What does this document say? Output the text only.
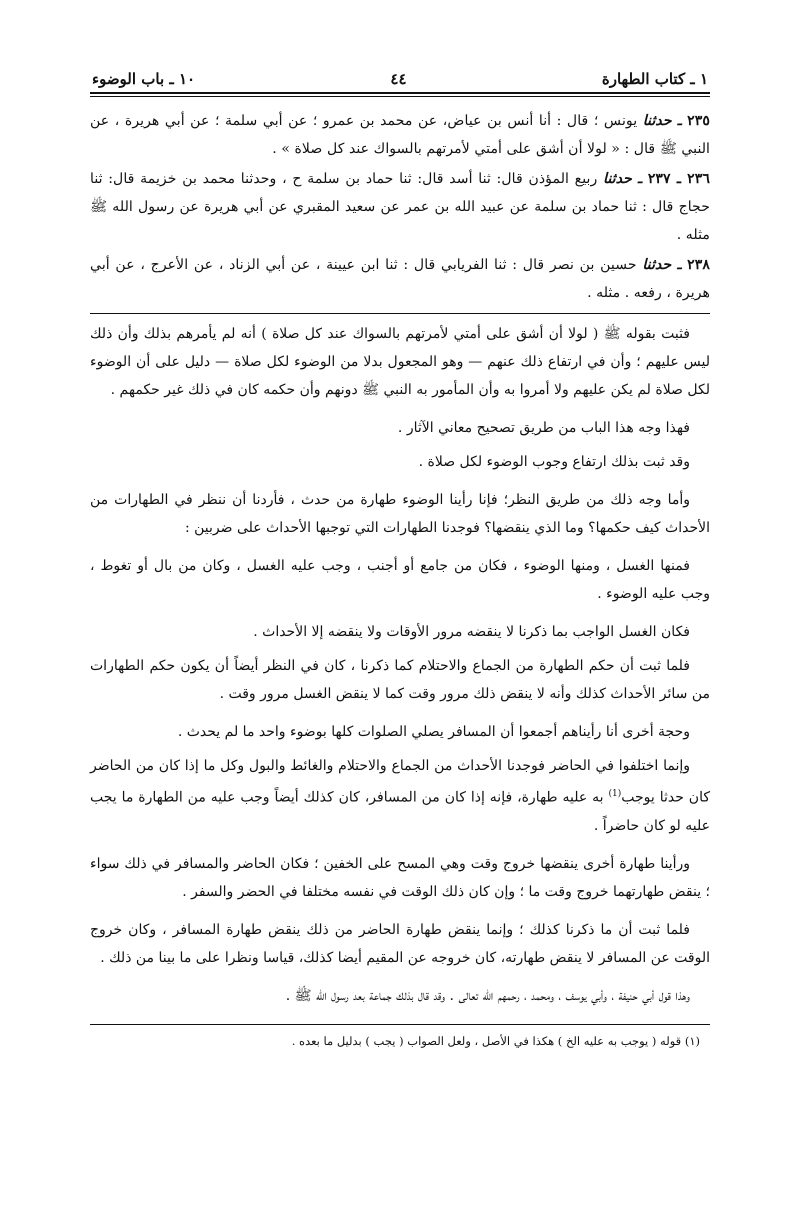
١ ـ كتاب الطهارة
٤٤
١٠ ـ باب الوضوء
٢٣٥ ـ حدثنا يونس ؛ قال : أنا أنس بن عياض، عن محمد بن عمرو ؛ عن أبي سلمة ؛ عن أبي هريرة ، عن النبي ﷺ قال : « لولا أن أشق على أمتي لأمرتهم بالسواك عند كل صلاة » .
٢٣٦ ـ ٢٣٧ ـ حدثنا ربيع المؤذن قال: ثنا أسد قال: ثنا حماد بن سلمة ح ، وحدثنا محمد بن خزيمة قال: ثنا حجاج قال : ثنا حماد بن سلمة عن عبيد الله بن عمر عن سعيد المقبري عن أبي هريرة عن رسول الله ﷺ مثله .
٢٣٨ ـ حدثنا حسين بن نصر قال : ثنا الفريابي قال : ثنا ابن عيينة ، عن أبي الزناد ، عن الأعرج ، عن أبي هريرة ، رفعه . مثله .

فثبت بقوله ﷺ ( لولا أن أشق على أمتي لأمرتهم بالسواك عند كل صلاة ) أنه لم يأمرهم بذلك وأن ذلك ليس عليهم ؛ وأن في ارتفاع ذلك عنهم — وهو المجعول بدلا من الوضوء لكل صلاة — دليل على أن الوضوء لكل صلاة لم يكن عليهم ولا أمروا به وأن المأمور به النبي ﷺ دونهم وأن حكمه كان في ذلك غير حكمهم .

فهذا وجه هذا الباب من طريق تصحيح معاني الآثار .

وقد ثبت بذلك ارتفاع وجوب الوضوء لكل صلاة .

وأما وجه ذلك من طريق النظر؛ فإنا رأينا الوضوء طهارة من حدث ، فأردنا أن ننظر في الطهارات من الأحداث كيف حكمها؟ وما الذي ينقضها؟ فوجدنا الطهارات التي توجبها الأحداث على ضربين :

فمنها الغسل ، ومنها الوضوء ، فكان من جامع أو أجنب ، وجب عليه الغسل ، وكان من بال أو تغوط ، وجب عليه الوضوء .

فكان الغسل الواجب بما ذكرنا لا ينقضه مرور الأوقات ولا ينقضه إلا الأحداث .

فلما ثبت أن حكم الطهارة من الجماع والاحتلام كما ذكرنا ، كان في النظر أيضاً أن يكون حكم الطهارات من سائر الأحداث كذلك وأنه لا ينقض ذلك مرور وقت كما لا ينقض الغسل مرور وقت .

وحجة أخرى أنا رأيناهم أجمعوا أن المسافر يصلي الصلوات كلها بوضوء واحد ما لم يحدث .

وإنما اختلفوا في الحاضر فوجدنا الأحداث من الجماع والاحتلام والغائط والبول وكل ما إذا كان من الحاضر كان حدثا يوجب$^{(1)}$ به عليه طهارة، فإنه إذا كان من المسافر، كان كذلك أيضاً وجب عليه من الطهارة ما يجب عليه لو كان حاضراً .

ورأينا طهارة أخرى ينقضها خروج وقت وهي المسح على الخفين ؛ فكان الحاضر والمسافر في ذلك سواء ؛ ينقض طهارتهما خروج وقت ما ؛ وإن كان ذلك الوقت في نفسه مختلفا في الحضر والسفر .

فلما ثبت أن ما ذكرنا كذلك ؛ وإنما ينقض طهارة الحاضر من ذلك ينقض طهارة المسافر ، وكان خروج الوقت عن المسافر لا ينقض طهارته، كان خروجه عن المقيم أيضا كذلك، قياسا ونظرا على ما بينا من ذلك .

وهذا قول أبي حنيفة ، وأبي يوسف ، ومحمد ، رحمهم الله تعالى . وقد قال بذلك جماعة بعد رسول الله ﷺ .

(١) قوله ( يوجب به عليه الخ ) هكذا في الأصل ، ولعل الصواب ( يجب ) بدليل ما بعده .
